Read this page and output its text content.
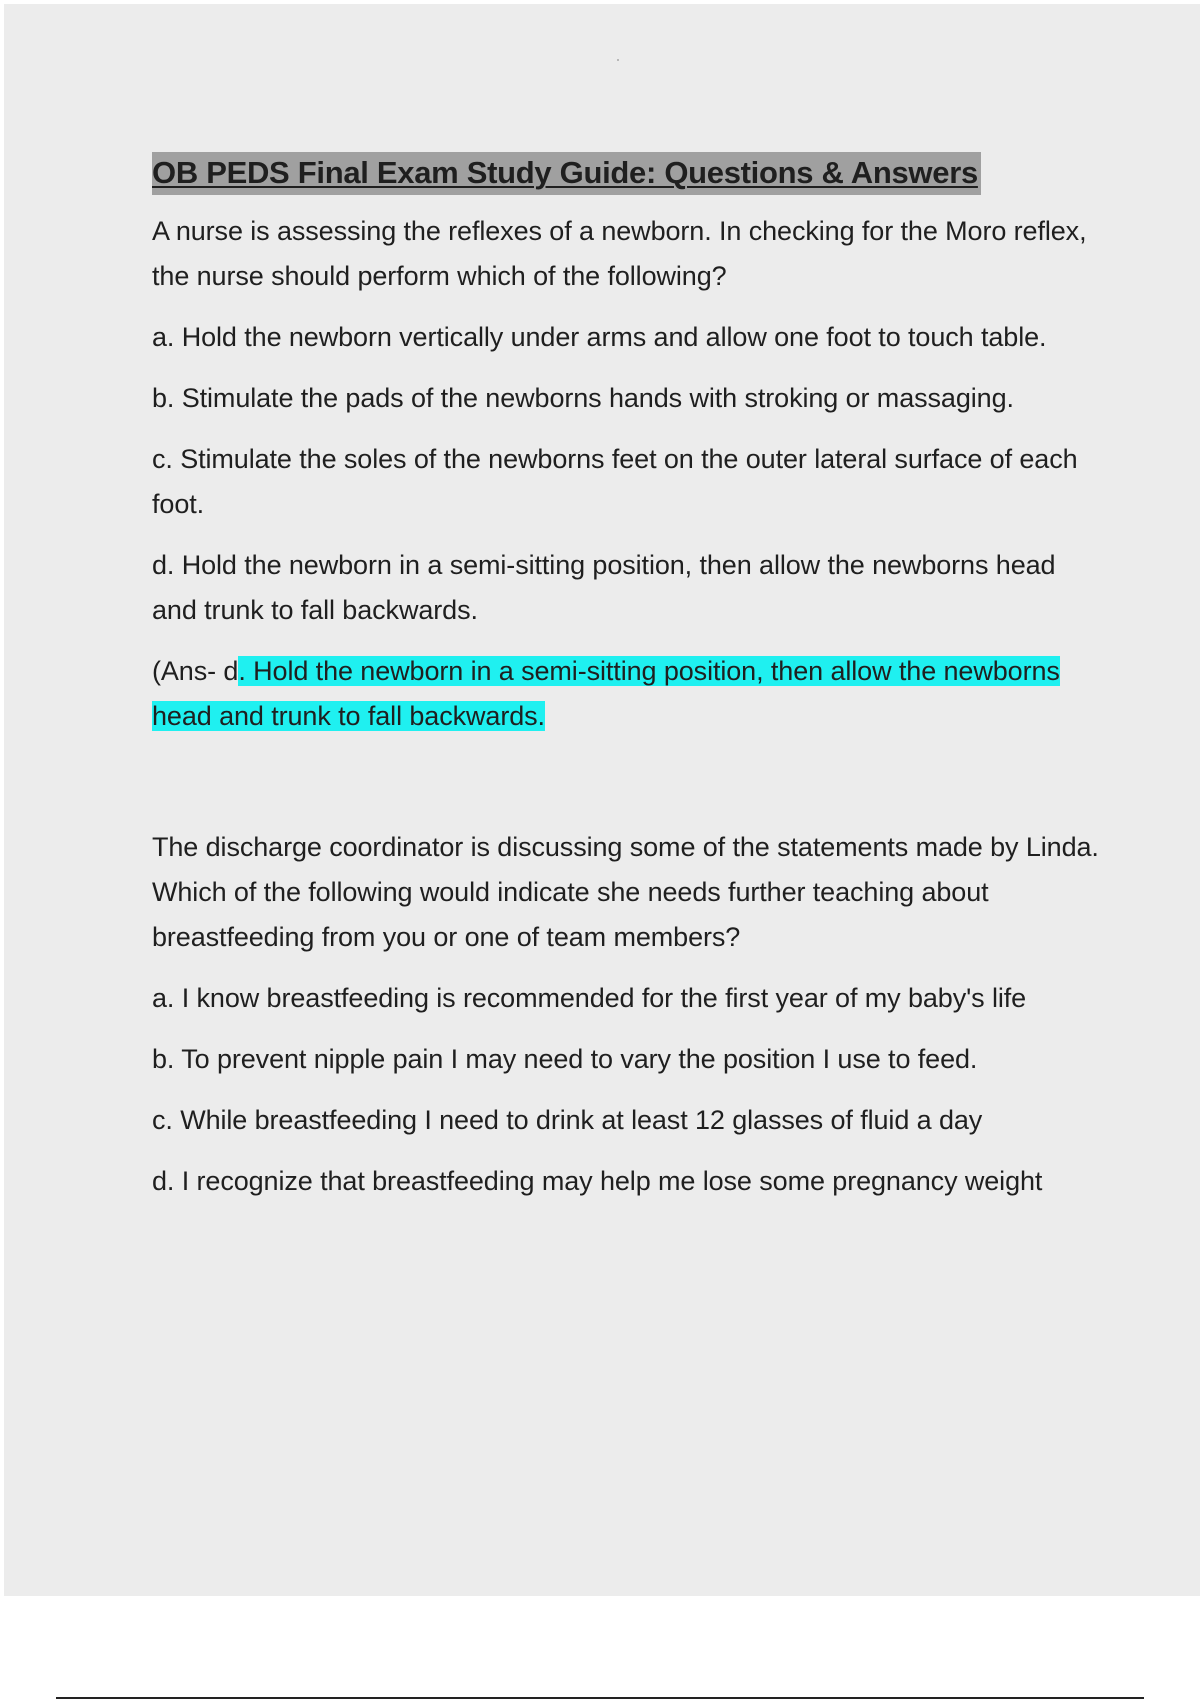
OB PEDS Final Exam Study Guide: Questions & Answers

A nurse is assessing the reflexes of a newborn. In checking for the Moro reflex, the nurse should perform which of the following?

a. Hold the newborn vertically under arms and allow one foot to touch table.

b. Stimulate the pads of the newborns hands with stroking or massaging.

c. Stimulate the soles of the newborns feet on the outer lateral surface of each foot.

d. Hold the newborn in a semi-sitting position, then allow the newborns head and trunk to fall backwards.

(Ans- d. Hold the newborn in a semi-sitting position, then allow the newborns head and trunk to fall backwards.

The discharge coordinator is discussing some of the statements made by Linda. Which of the following would indicate she needs further teaching about breastfeeding from you or one of team members?

a. I know breastfeeding is recommended for the first year of my baby's life

b. To prevent nipple pain I may need to vary the position I use to feed.

c. While breastfeeding I need to drink at least 12 glasses of fluid a day

d. I recognize that breastfeeding may help me lose some pregnancy weight
